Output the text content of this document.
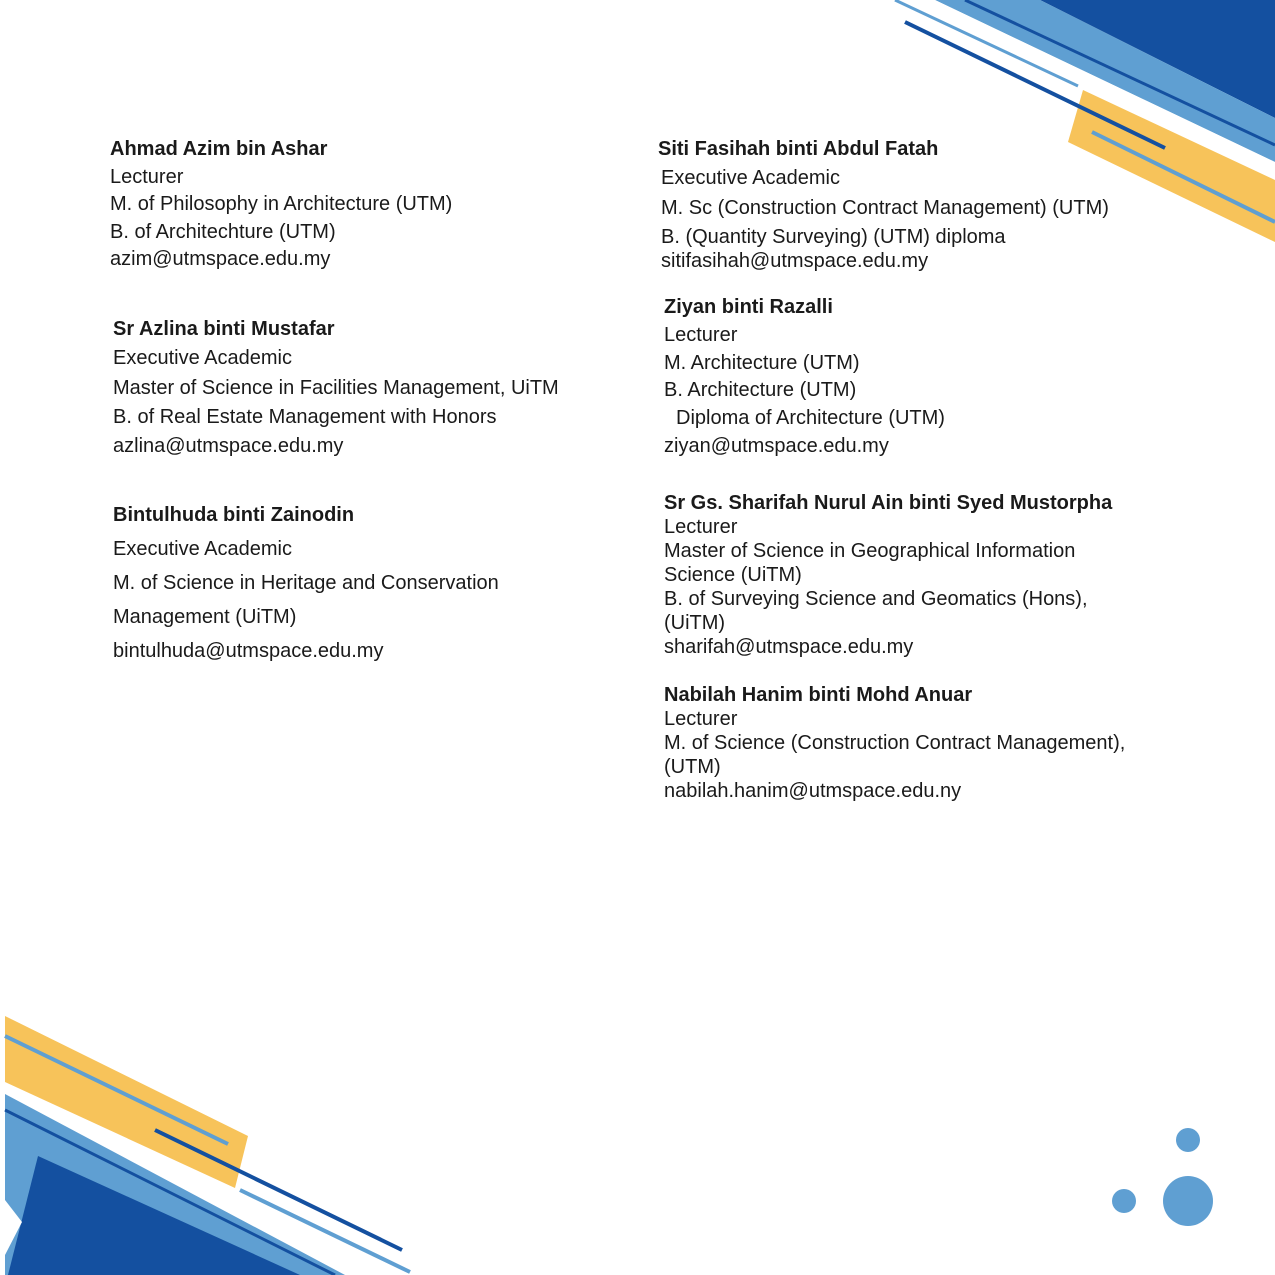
Ahmad Azim bin Ashar
Lecturer
M. of Philosophy in Architecture (UTM)
B. of Architechture (UTM)
azim@utmspace.edu.my
Sr Azlina binti Mustafar
Executive Academic
Master of Science in Facilities Management, UiTM
B. of Real Estate Management with Honors
azlina@utmspace.edu.my
Bintulhuda binti Zainodin
Executive Academic
M. of Science in Heritage and Conservation
Management (UiTM)
bintulhuda@utmspace.edu.my
Siti Fasihah binti Abdul Fatah
Executive Academic
M. Sc (Construction Contract Management) (UTM)
B. (Quantity Surveying) (UTM) diploma
sitifasihah@utmspace.edu.my
Ziyan binti Razalli
Lecturer
M. Architecture (UTM)
B. Architecture (UTM)
Diploma of Architecture (UTM)
ziyan@utmspace.edu.my
Sr Gs. Sharifah Nurul Ain binti Syed Mustorpha
Lecturer
Master of Science in Geographical Information
Science (UiTM)
B. of Surveying Science and Geomatics (Hons),
(UiTM)
sharifah@utmspace.edu.my
Nabilah Hanim binti Mohd Anuar
Lecturer
M. of Science (Construction Contract Management),
(UTM)
nabilah.hanim@utmspace.edu.ny
